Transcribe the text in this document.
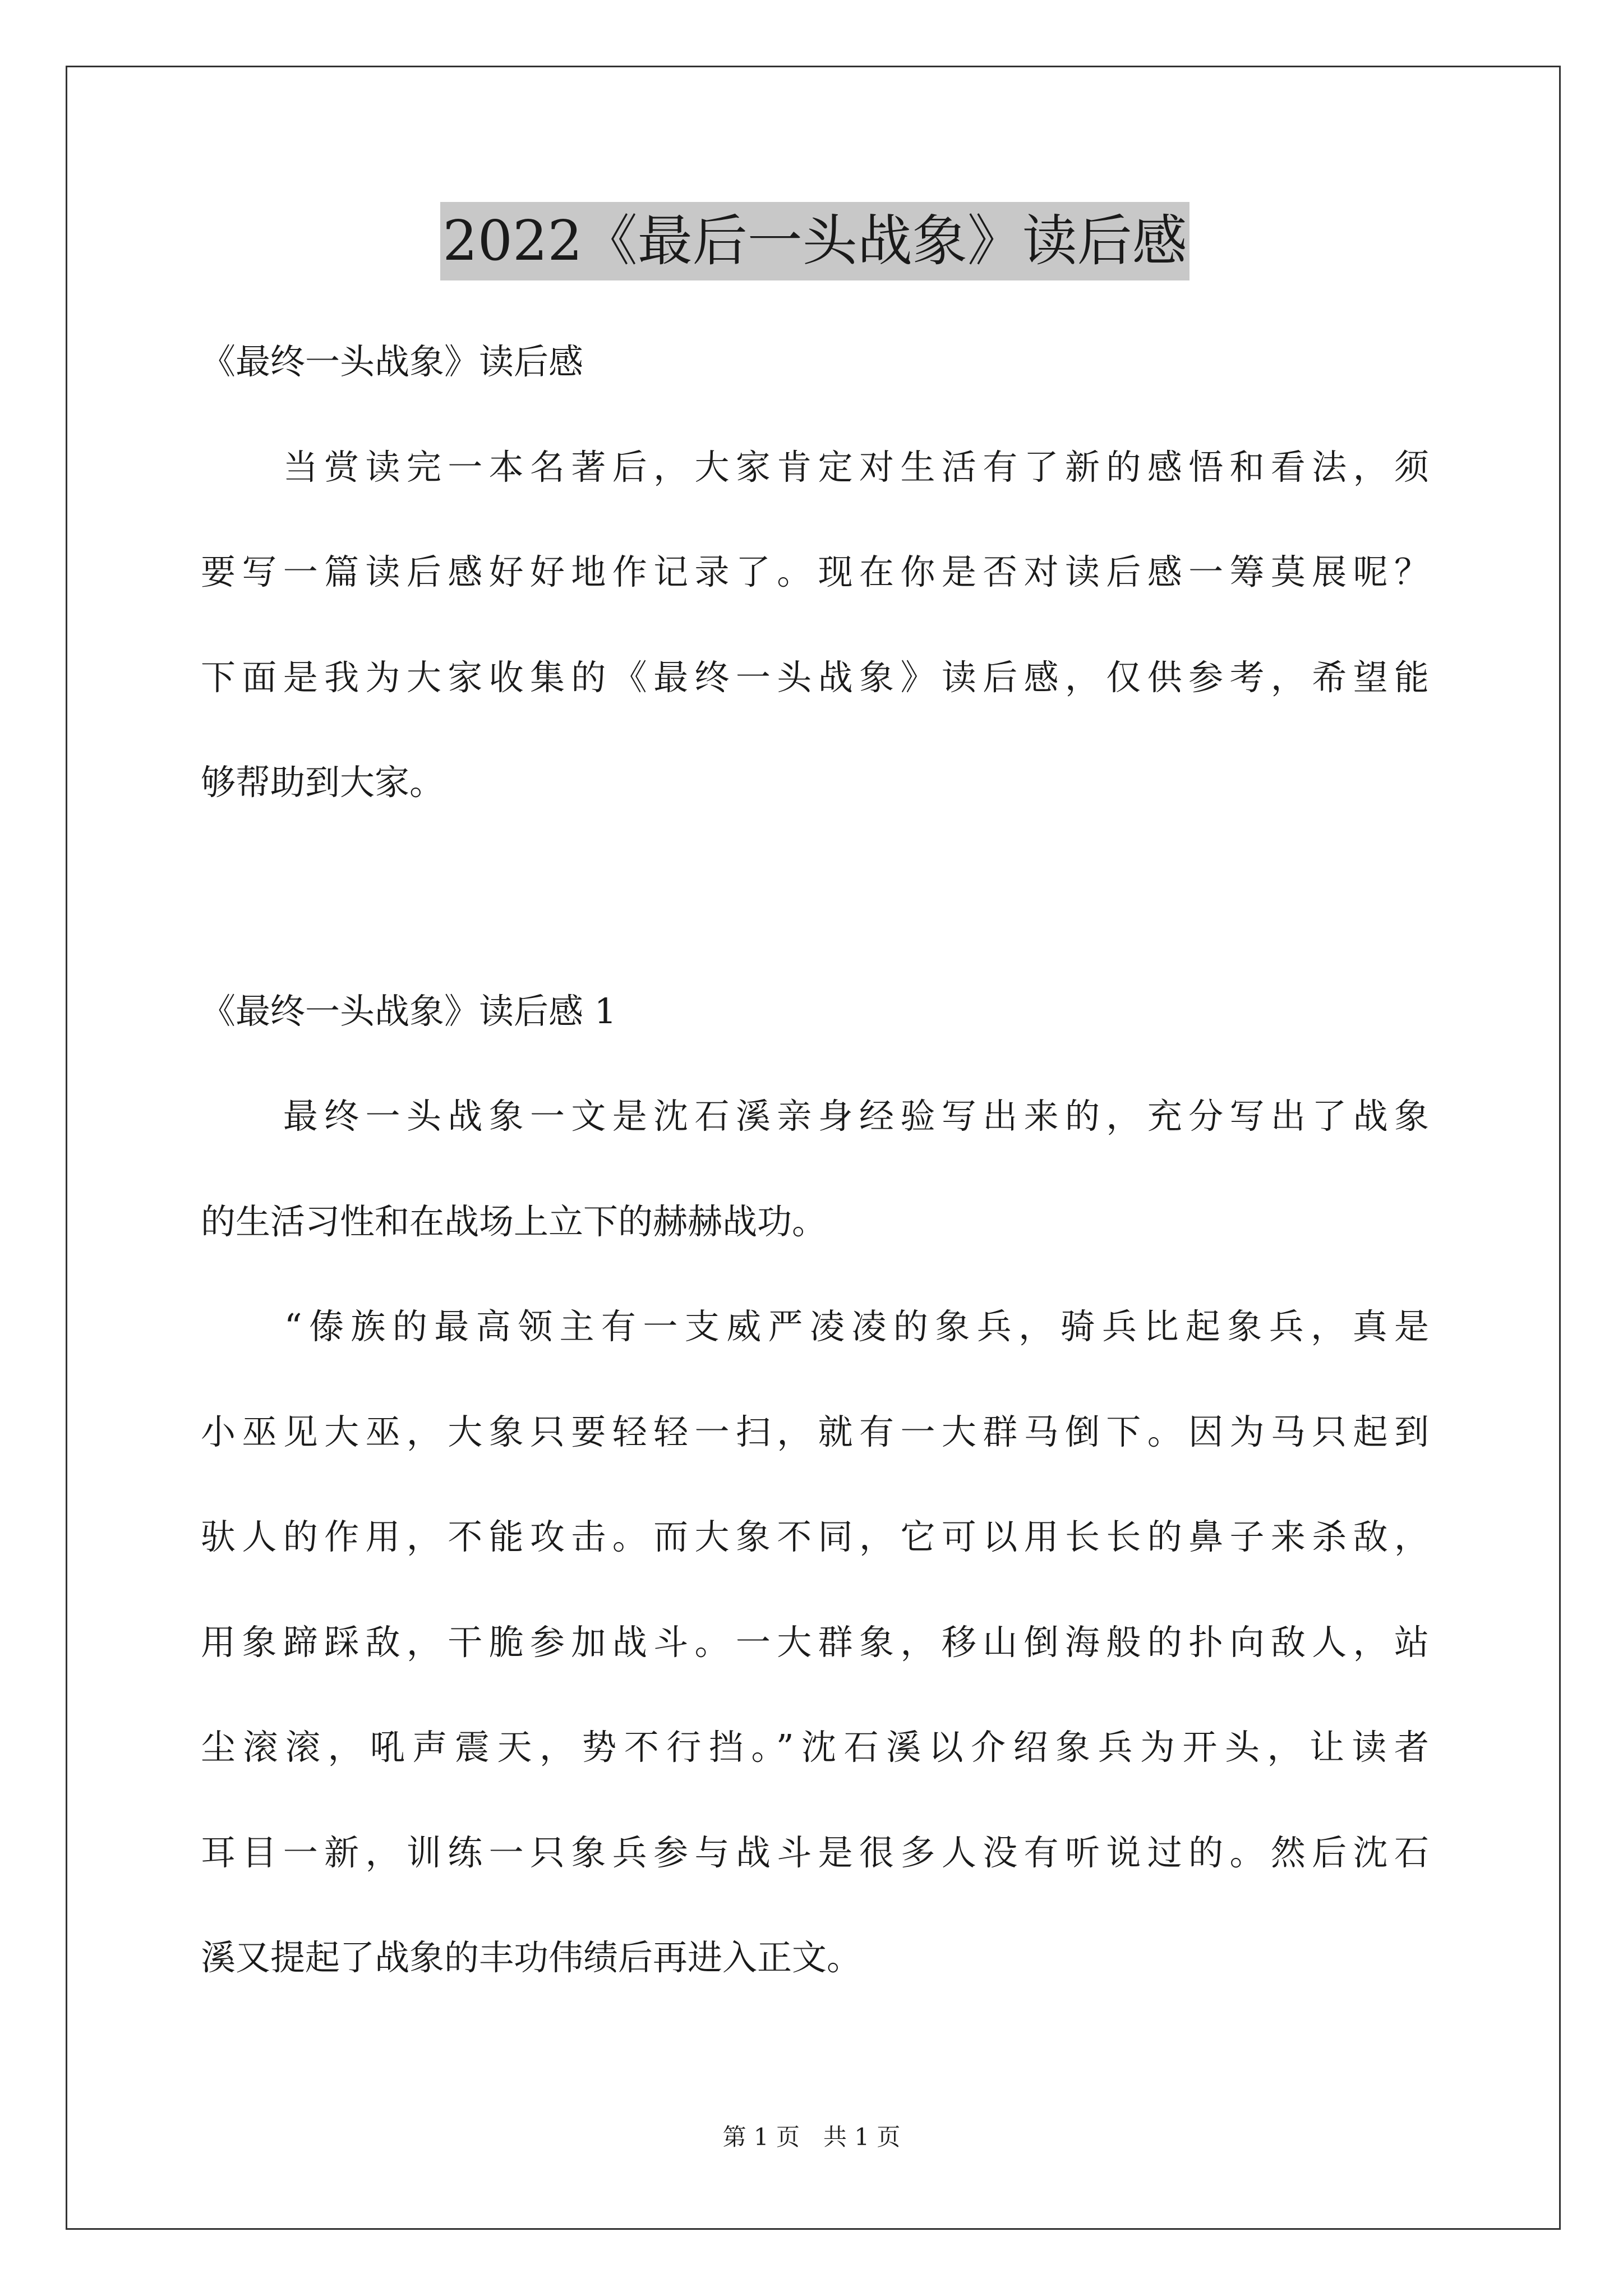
2022《最后一头战象》读后感

《最终一头战象》读后感

　　当赏读完一本名著后，大家肯定对生活有了新的感悟和看法，须

要写一篇读后感好好地作记录了。现在你是否对读后感一筹莫展呢？

下面是我为大家收集的《最终一头战象》读后感，仅供参考，希望能

够帮助到大家。

《最终一头战象》读后感 1

　　最终一头战象一文是沈石溪亲身经验写出来的，充分写出了战象

的生活习性和在战场上立下的赫赫战功。

　　“傣族的最高领主有一支威严凌凌的象兵，骑兵比起象兵，真是

小巫见大巫，大象只要轻轻一扫，就有一大群马倒下。因为马只起到

驮人的作用，不能攻击。而大象不同，它可以用长长的鼻子来杀敌，

用象蹄踩敌，干脆参加战斗。一大群象，移山倒海般的扑向敌人，站

尘滚滚，吼声震天，势不行挡。”沈石溪以介绍象兵为开头，让读者

耳目一新，训练一只象兵参与战斗是很多人没有听说过的。然后沈石

溪又提起了战象的丰功伟绩后再进入正文。

第 1 页　共 1 页
